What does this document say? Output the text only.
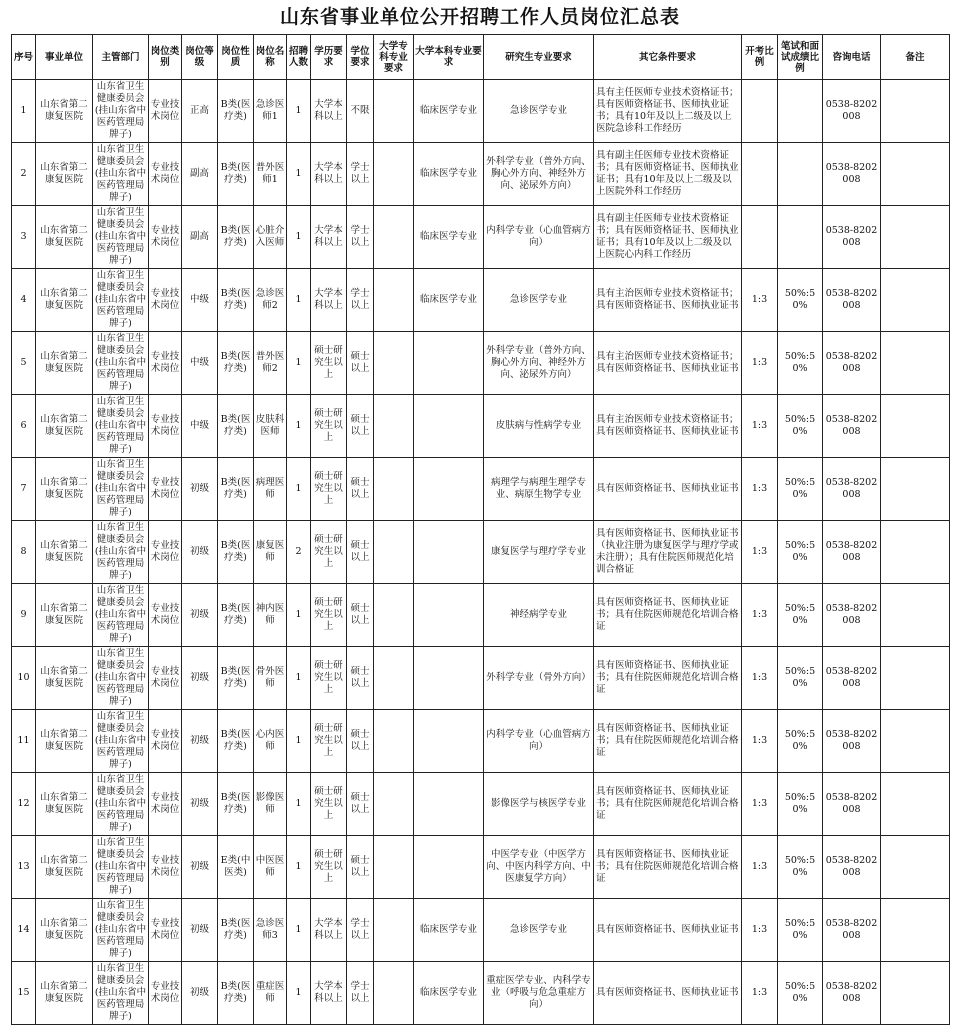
山东省事业单位公开招聘工作人员岗位汇总表
序号	事业单位	主管部门	岗位类别	岗位等级	岗位性质	岗位名称	招聘人数	学历要求	学位要求	大学专科专业要求	大学本科专业要求	研究生专业要求	其它条件要求	开考比例	笔试和面试成绩比例	咨询电话	备注
1	山东省第二康复医院	山东省卫生健康委员会(挂山东省中医药管理局牌子)	专业技术岗位	正高	B类(医疗类)	急诊医师1	1	大学本科以上	不限		临床医学专业	急诊医学专业	具有主任医师专业技术资格证书；具有医师资格证书、医师执业证书；具有10年及以上二级及以上医院急诊科工作经历			0538-8202008	
2	山东省第二康复医院	山东省卫生健康委员会(挂山东省中医药管理局牌子)	专业技术岗位	副高	B类(医疗类)	普外医师1	1	大学本科以上	学士以上		临床医学专业	外科学专业（普外方向、胸心外方向、神经外方向、泌尿外方向）	具有副主任医师专业技术资格证书；具有医师资格证书、医师执业证书；具有10年及以上二级及以上医院外科工作经历			0538-8202008	
3	山东省第二康复医院	山东省卫生健康委员会(挂山东省中医药管理局牌子)	专业技术岗位	副高	B类(医疗类)	心脏介入医师	1	大学本科以上	学士以上		临床医学专业	内科学专业（心血管病方向）	具有副主任医师专业技术资格证书；具有医师资格证书、医师执业证书；具有10年及以上二级及以上医院心内科工作经历			0538-8202008	
4	山东省第二康复医院	山东省卫生健康委员会(挂山东省中医药管理局牌子)	专业技术岗位	中级	B类(医疗类)	急诊医师2	1	大学本科以上	学士以上		临床医学专业	急诊医学专业	具有主治医师专业技术资格证书；具有医师资格证书、医师执业证书	1:3	50%:50%	0538-8202008	
5	山东省第二康复医院	山东省卫生健康委员会(挂山东省中医药管理局牌子)	专业技术岗位	中级	B类(医疗类)	普外医师2	1	硕士研究生以上	硕士以上			外科学专业（普外方向、胸心外方向、神经外方向、泌尿外方向）	具有主治医师专业技术资格证书；具有医师资格证书、医师执业证书	1:3	50%:50%	0538-8202008	
6	山东省第二康复医院	山东省卫生健康委员会(挂山东省中医药管理局牌子)	专业技术岗位	中级	B类(医疗类)	皮肤科医师	1	硕士研究生以上	硕士以上			皮肤病与性病学专业	具有主治医师专业技术资格证书；具有医师资格证书、医师执业证书	1:3	50%:50%	0538-8202008	
7	山东省第二康复医院	山东省卫生健康委员会(挂山东省中医药管理局牌子)	专业技术岗位	初级	B类(医疗类)	病理医师	1	硕士研究生以上	硕士以上			病理学与病理生理学专业、病原生物学专业	具有医师资格证书、医师执业证书	1:3	50%:50%	0538-8202008	
8	山东省第二康复医院	山东省卫生健康委员会(挂山东省中医药管理局牌子)	专业技术岗位	初级	B类(医疗类)	康复医师	2	硕士研究生以上	硕士以上			康复医学与理疗学专业	具有医师资格证书、医师执业证书（执业注册为康复医学与理疗学或未注册）；具有住院医师规范化培训合格证	1:3	50%:50%	0538-8202008	
9	山东省第二康复医院	山东省卫生健康委员会(挂山东省中医药管理局牌子)	专业技术岗位	初级	B类(医疗类)	神内医师	1	硕士研究生以上	硕士以上			神经病学专业	具有医师资格证书、医师执业证书；具有住院医师规范化培训合格证	1:3	50%:50%	0538-8202008	
10	山东省第二康复医院	山东省卫生健康委员会(挂山东省中医药管理局牌子)	专业技术岗位	初级	B类(医疗类)	骨外医师	1	硕士研究生以上	硕士以上			外科学专业（骨外方向）	具有医师资格证书、医师执业证书；具有住院医师规范化培训合格证	1:3	50%:50%	0538-8202008	
11	山东省第二康复医院	山东省卫生健康委员会(挂山东省中医药管理局牌子)	专业技术岗位	初级	B类(医疗类)	心内医师	1	硕士研究生以上	硕士以上			内科学专业（心血管病方向）	具有医师资格证书、医师执业证书；具有住院医师规范化培训合格证	1:3	50%:50%	0538-8202008	
12	山东省第二康复医院	山东省卫生健康委员会(挂山东省中医药管理局牌子)	专业技术岗位	初级	B类(医疗类)	影像医师	1	硕士研究生以上	硕士以上			影像医学与核医学专业	具有医师资格证书、医师执业证书；具有住院医师规范化培训合格证	1:3	50%:50%	0538-8202008	
13	山东省第二康复医院	山东省卫生健康委员会(挂山东省中医药管理局牌子)	专业技术岗位	初级	E类(中医类)	中医医师	1	硕士研究生以上	硕士以上			中医学专业（中医学方向、中医内科学方向、中医康复学方向）	具有医师资格证书、医师执业证书；具有住院医师规范化培训合格证	1:3	50%:50%	0538-8202008	
14	山东省第二康复医院	山东省卫生健康委员会(挂山东省中医药管理局牌子)	专业技术岗位	初级	B类(医疗类)	急诊医师3	1	大学本科以上	学士以上		临床医学专业	急诊医学专业	具有医师资格证书、医师执业证书	1:3	50%:50%	0538-8202008	
15	山东省第二康复医院	山东省卫生健康委员会(挂山东省中医药管理局牌子)	专业技术岗位	初级	B类(医疗类)	重症医师	1	大学本科以上	学士以上		临床医学专业	重症医学专业、内科学专业（呼吸与危急重症方向）	具有医师资格证书、医师执业证书	1:3	50%:50%	0538-8202008	
